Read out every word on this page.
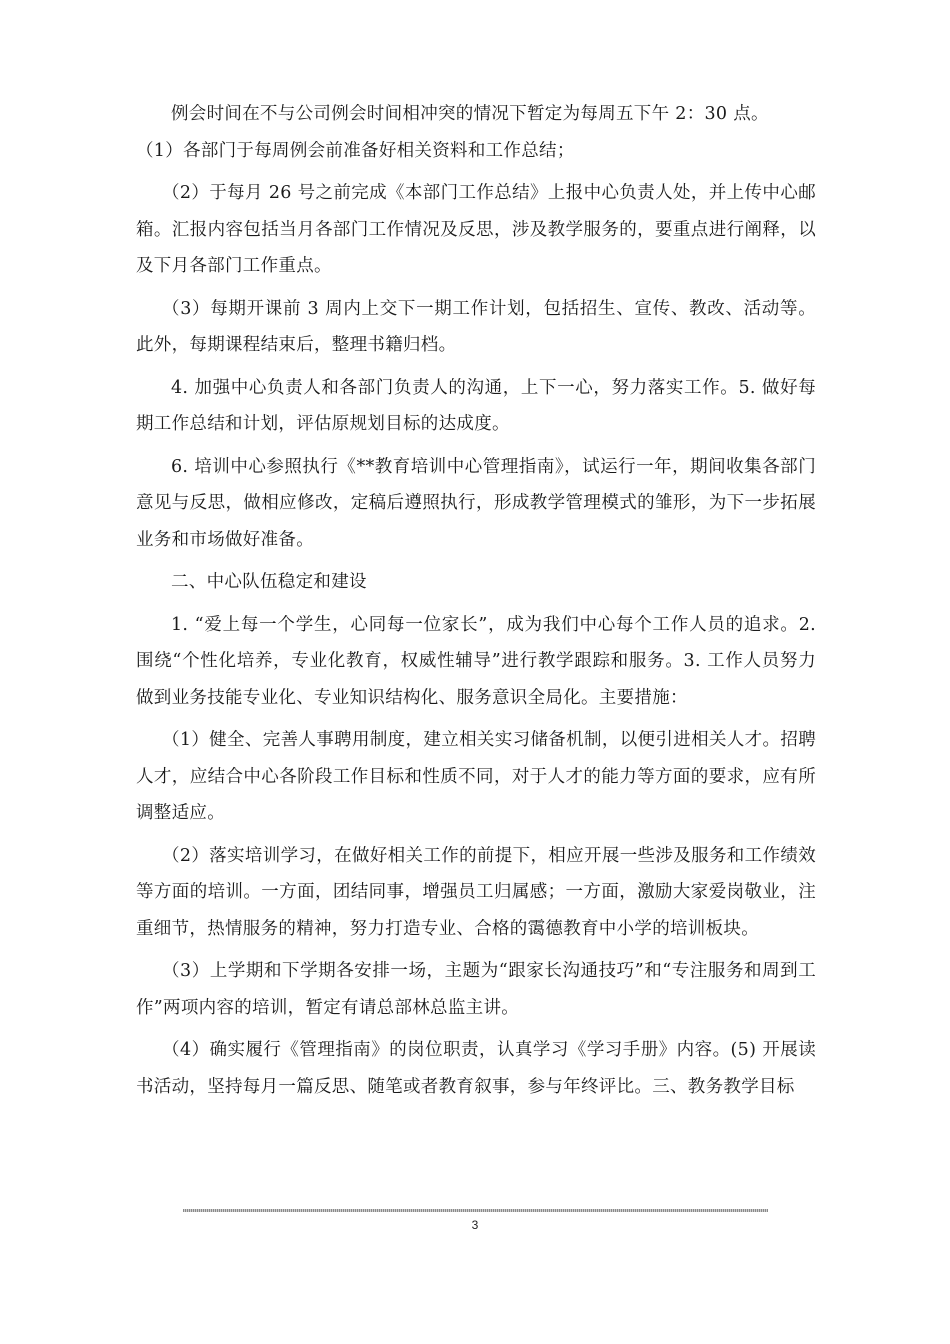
例会时间在不与公司例会时间相冲突的情况下暂定为每周五下午 2：30 点。

（1）各部门于每周例会前准备好相关资料和工作总结；

（2）于每月 26 号之前完成《本部门工作总结》上报中心负责人处，并上传中心邮箱。汇报内容包括当月各部门工作情况及反思，涉及教学服务的，要重点进行阐释，以及下月各部门工作重点。

（3）每期开课前 3 周内上交下一期工作计划，包括招生、宣传、教改、活动等。此外，每期课程结束后，整理书籍归档。

4. 加强中心负责人和各部门负责人的沟通，上下一心，努力落实工作。5. 做好每期工作总结和计划，评估原规划目标的达成度。

6. 培训中心参照执行《**教育培训中心管理指南》，试运行一年，期间收集各部门意见与反思，做相应修改，定稿后遵照执行，形成教学管理模式的雏形，为下一步拓展业务和市场做好准备。

二、中心队伍稳定和建设

1. “爱上每一个学生，心同每一位家长”，成为我们中心每个工作人员的追求。2. 围绕“个性化培养，专业化教育，权威性辅导”进行教学跟踪和服务。3. 工作人员努力做到业务技能专业化、专业知识结构化、服务意识全局化。主要措施：

（1）健全、完善人事聘用制度，建立相关实习储备机制，以便引进相关人才。招聘人才，应结合中心各阶段工作目标和性质不同，对于人才的能力等方面的要求，应有所调整适应。

（2）落实培训学习，在做好相关工作的前提下，相应开展一些涉及服务和工作绩效等方面的培训。一方面，团结同事，增强员工归属感；一方面，激励大家爱岗敬业，注重细节，热情服务的精神，努力打造专业、合格的霭德教育中小学的培训板块。

（3）上学期和下学期各安排一场，主题为“跟家长沟通技巧”和“专注服务和周到工作”两项内容的培训，暂定有请总部林总监主讲。

（4）确实履行《管理指南》的岗位职责，认真学习《学习手册》内容。(5) 开展读书活动，坚持每月一篇反思、随笔或者教育叙事，参与年终评比。三、教务教学目标

3
